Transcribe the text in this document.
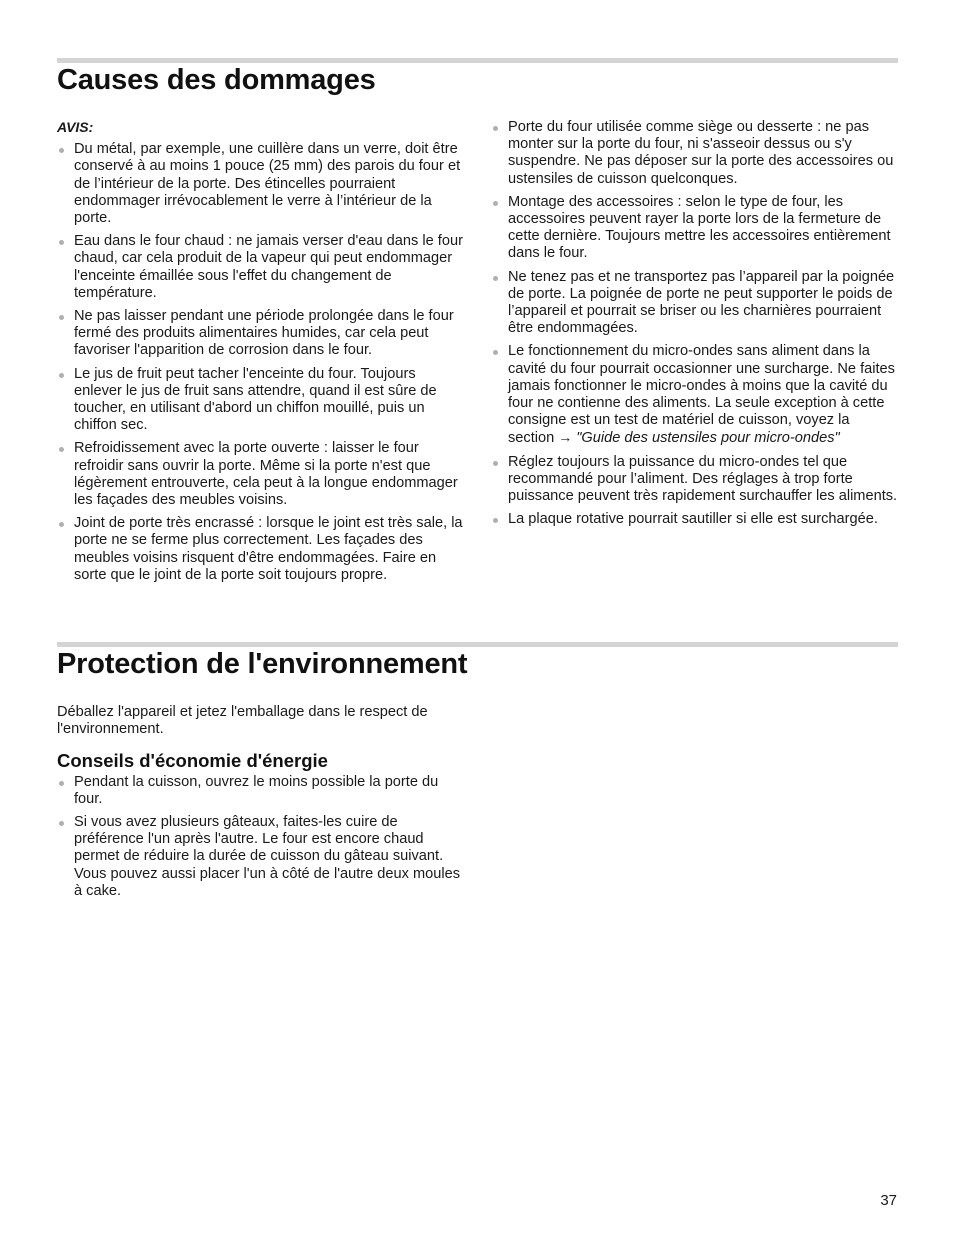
Causes des dommages
AVIS:
Du métal, par exemple, une cuillère dans un verre, doit être conservé à au moins 1 pouce (25 mm) des parois du four et de l’intérieur de la porte. Des étincelles pourraient endommager irrévocablement le verre à l’intérieur de la porte.
Eau dans le four chaud : ne jamais verser d'eau dans le four chaud, car cela produit de la vapeur qui peut endommager l'enceinte émaillée sous l'effet du changement de température.
Ne pas laisser pendant une période prolongée dans le four fermé des produits alimentaires humides, car cela peut favoriser l'apparition de corrosion dans le four.
Le jus de fruit peut tacher l'enceinte du four. Toujours enlever le jus de fruit sans attendre, quand il est sûre de toucher, en utilisant d'abord un chiffon mouillé, puis un chiffon sec.
Refroidissement avec la porte ouverte : laisser le four refroidir sans ouvrir la porte. Même si la porte n'est que légèrement entrouverte, cela peut à la longue endommager les façades des meubles voisins.
Joint de porte très encrassé : lorsque le joint est très sale, la porte ne se ferme plus correctement. Les façades des meubles voisins risquent d'être endommagées. Faire en sorte que le joint de la porte soit toujours propre.
Porte du four utilisée comme siège ou desserte : ne pas monter sur la porte du four, ni s'asseoir dessus ou s'y suspendre. Ne pas déposer sur la porte des accessoires ou ustensiles de cuisson quelconques.
Montage des accessoires : selon le type de four, les accessoires peuvent rayer la porte lors de la fermeture de cette dernière. Toujours mettre les accessoires entièrement dans le four.
Ne tenez pas et ne transportez pas l’appareil par la poignée de porte. La poignée de porte ne peut supporter le poids de l’appareil et pourrait se briser ou les charnières pourraient être endommagées.
Le fonctionnement du micro-ondes sans aliment dans la cavité du four pourrait occasionner une surcharge. Ne faites jamais fonctionner le micro-ondes à moins que la cavité du four ne contienne des aliments. La seule exception à cette consigne est un test de matériel de cuisson, voyez la section → "Guide des ustensiles pour micro-ondes"
Réglez toujours la puissance du micro-ondes tel que recommandé pour l’aliment. Des réglages à trop forte puissance peuvent très rapidement surchauffer les aliments.
La plaque rotative pourrait sautiller si elle est surchargée.
Protection de l'environnement

Déballez l'appareil et jetez l'emballage dans le respect de l'environnement.

Conseils d'économie d'énergie
Pendant la cuisson, ouvrez le moins possible la porte du four.
Si vous avez plusieurs gâteaux, faites-les cuire de préférence l'un après l'autre. Le four est encore chaud permet de réduire la durée de cuisson du gâteau suivant. Vous pouvez aussi placer l'un à côté de l'autre deux moules à cake.
37
